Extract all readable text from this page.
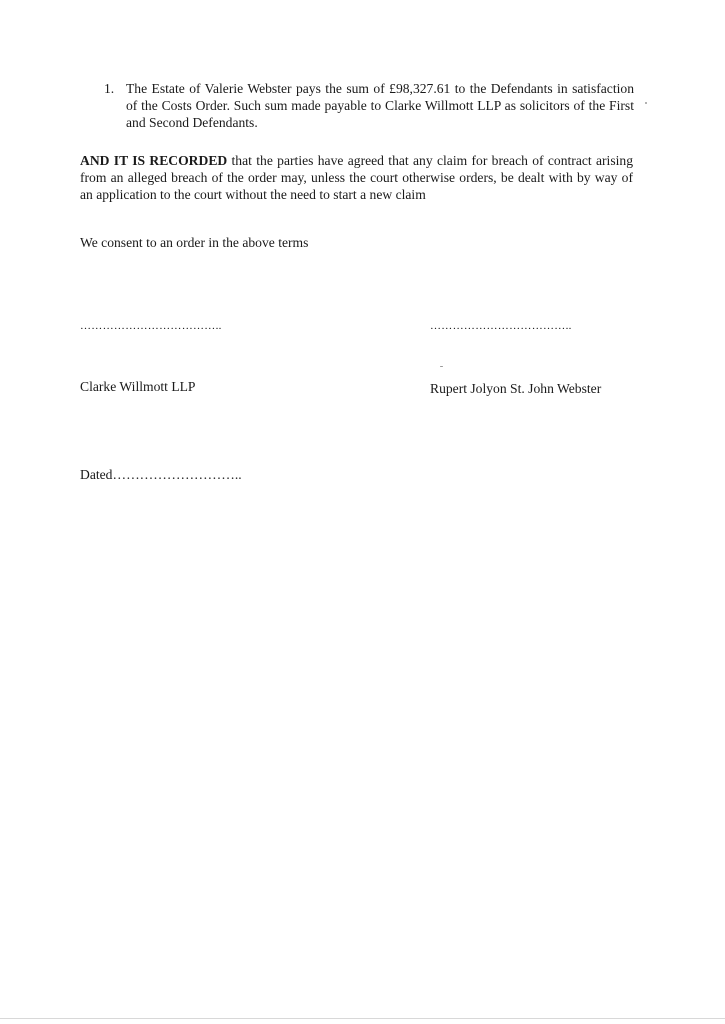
1. The Estate of Valerie Webster pays the sum of £98,327.61 to the Defendants in satisfaction of the Costs Order. Such sum made payable to Clarke Willmott LLP as solicitors of the First and Second Defendants.
AND IT IS RECORDED that the parties have agreed that any claim for breach of contract arising from an alleged breach of the order may, unless the court otherwise orders, be dealt with by way of an application to the court without the need to start a new claim
We consent to an order in the above terms
………………………………..	………………………………..
Clarke Willmott LLP	Rupert Jolyon St. John Webster
Dated………………………..
